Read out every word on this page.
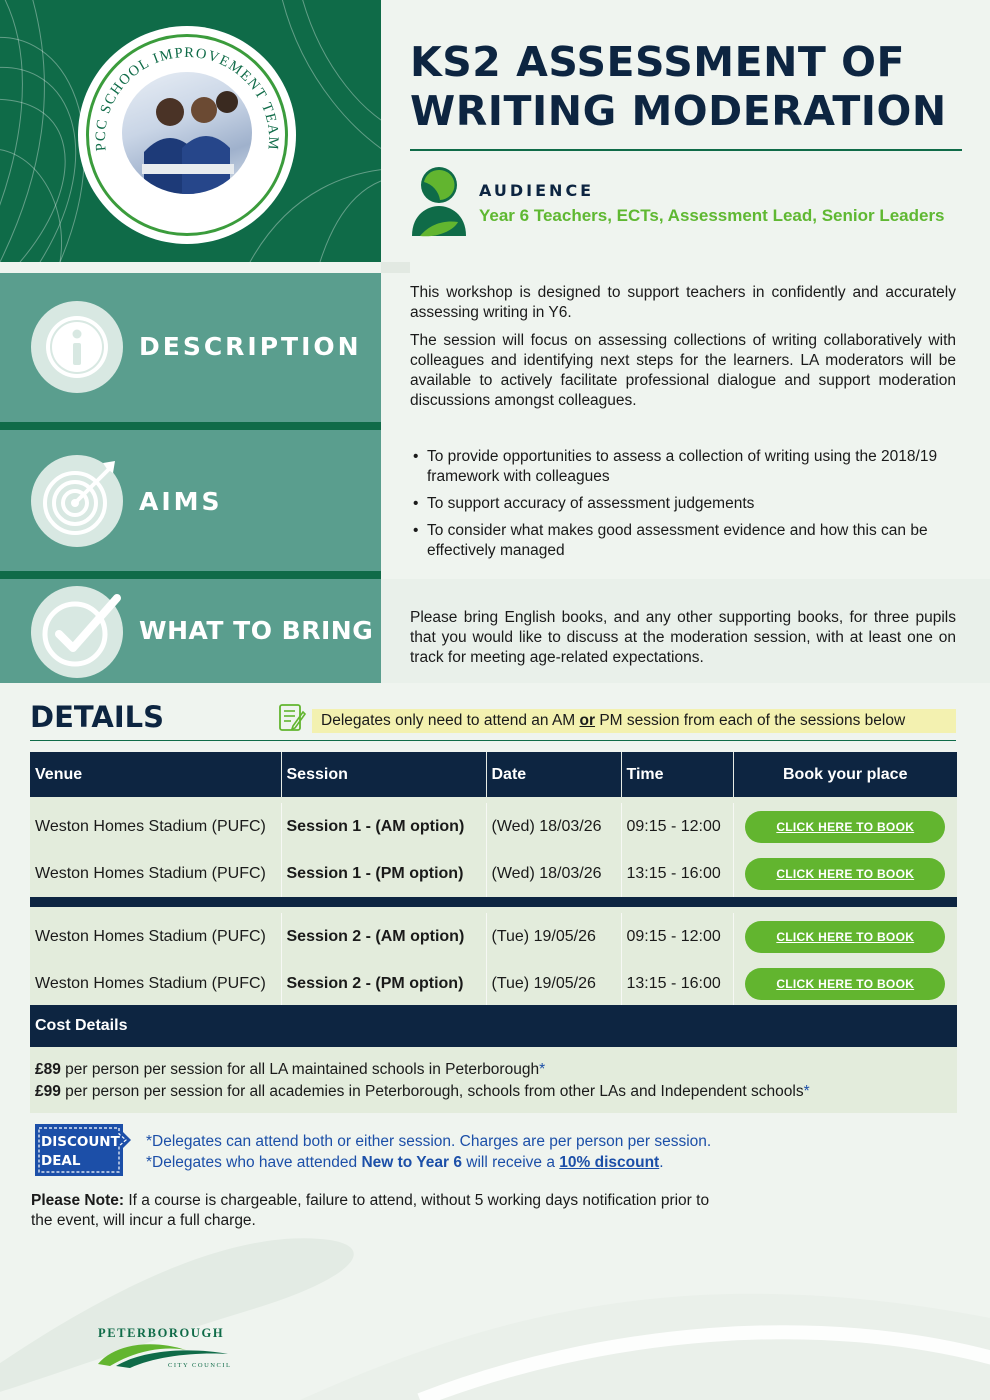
PCC SCHOOL IMPROVEMENT TEAM
KS2 ASSESSMENT OF
WRITING MODERATION
AUDIENCE
Year 6 Teachers, ECTs, Assessment Lead, Senior Leaders
DESCRIPTION

This workshop is designed to support teachers in confidently and accurately assessing writing in Y6.

The session will focus on assessing collections of writing collaboratively with colleagues and identifying next steps for the learners. LA moderators will be available to actively facilitate professional dialogue and support moderation discussions amongst colleagues.

AIMS
• To provide opportunities to assess a collection of writing using the 2018/19 framework with colleagues
• To support accuracy of assessment judgements
• To consider what makes good assessment evidence and how this can be effectively managed
WHAT TO BRING Please bring English books, and any other supporting books, for three pupils that you would like to discuss at the moderation session, with at least one on track for meeting age-related expectations.
DETAILS	Delegates only need to attend an AM or PM session from each of the sessions below
Venue	Session	Date	Time	Book your place

Weston Homes Stadium (PUFC)	Session 1 - (AM option)	(Wed) 18/03/26	09:15 - 12:00	CLICK HERE TO BOOK
Weston Homes Stadium (PUFC)	Session 1 - (PM option)	(Wed) 18/03/26	13:15 - 16:00	CLICK HERE TO BOOK

Weston Homes Stadium (PUFC)	Session 2 - (AM option)	(Tue) 19/05/26	09:15 - 12:00	CLICK HERE TO BOOK
Weston Homes Stadium (PUFC)	Session 2 - (PM option)	(Tue) 19/05/26	13:15 - 16:00	CLICK HERE TO BOOK
Cost Details
£89 per person per session for all LA maintained schools in Peterborough*
£99 per person per session for all academies in Peterborough, schools from other LAs and Independent schools*
DISCOUNT
DEAL
*Delegates can attend both or either session. Charges are per person per session.
*Delegates who have attended New to Year 6 will receive a 10% discount.
Please Note: If a course is chargeable, failure to attend, without 5 working days notification prior to the event, will incur a full charge.
PETERBOROUGH
CITY COUNCIL
